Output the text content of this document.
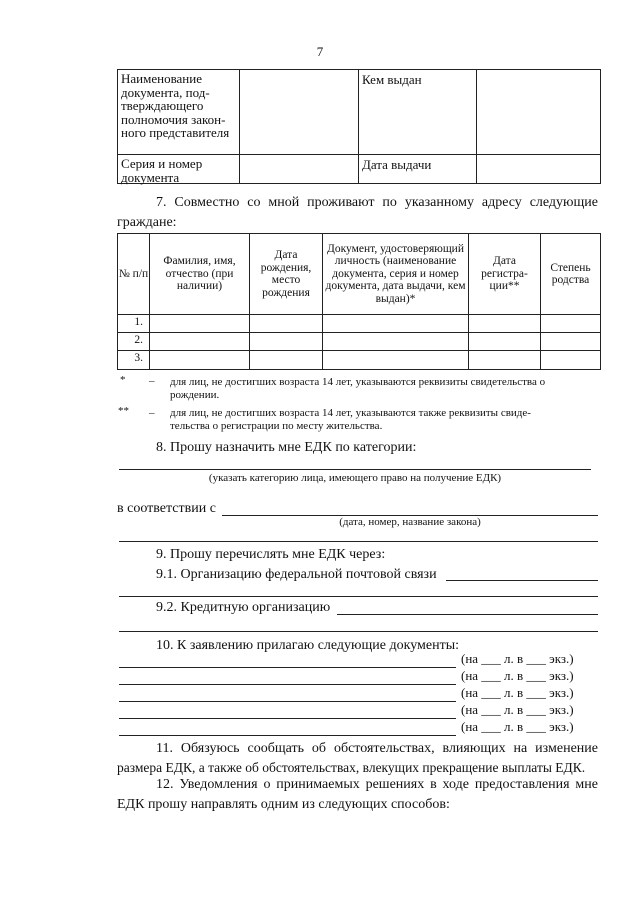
7
Наименование документа, под-тверждающего полномочия закон-ного представителя
Кем выдан
Серия и номер документа
Дата выдачи
7. Совместно со мной проживают по указанному адресу следующие
граждане:
№ п/п
Фамилия, имя, отчество (при наличии)
Дата рождения, место рождения
Документ, удостоверяющий личность (наименование документа, серия и номер документа, дата выдачи, кем выдан)*
Дата регистра-ции**
Степень родства
1.
2.
3.
* – для лиц, не достигших возраста 14 лет, указываются реквизиты свидетельства о
рождении.
** – для лиц, не достигших возраста 14 лет, указываются также реквизиты свиде-
тельства о регистрации по месту жительства.
8. Прошу назначить мне ЕДК по категории:
(указать категорию лица, имеющего право на получение ЕДК)
в соответствии с
(дата, номер, название закона)
9. Прошу перечислять мне ЕДК через:
9.1. Организацию федеральной почтовой связи
9.2. Кредитную организацию
10. К заявлению прилагаю следующие документы:
(на ___ л. в ___ экз.)
(на ___ л. в ___ экз.)
(на ___ л. в ___ экз.)
(на ___ л. в ___ экз.)
(на ___ л. в ___ экз.)
11. Обязуюсь сообщать об обстоятельствах, влияющих на изменение
размера ЕДК, а также об обстоятельствах, влекущих прекращение выплаты ЕДК.
12. Уведомления о принимаемых решениях в ходе предоставления мне
ЕДК прошу направлять одним из следующих способов:
